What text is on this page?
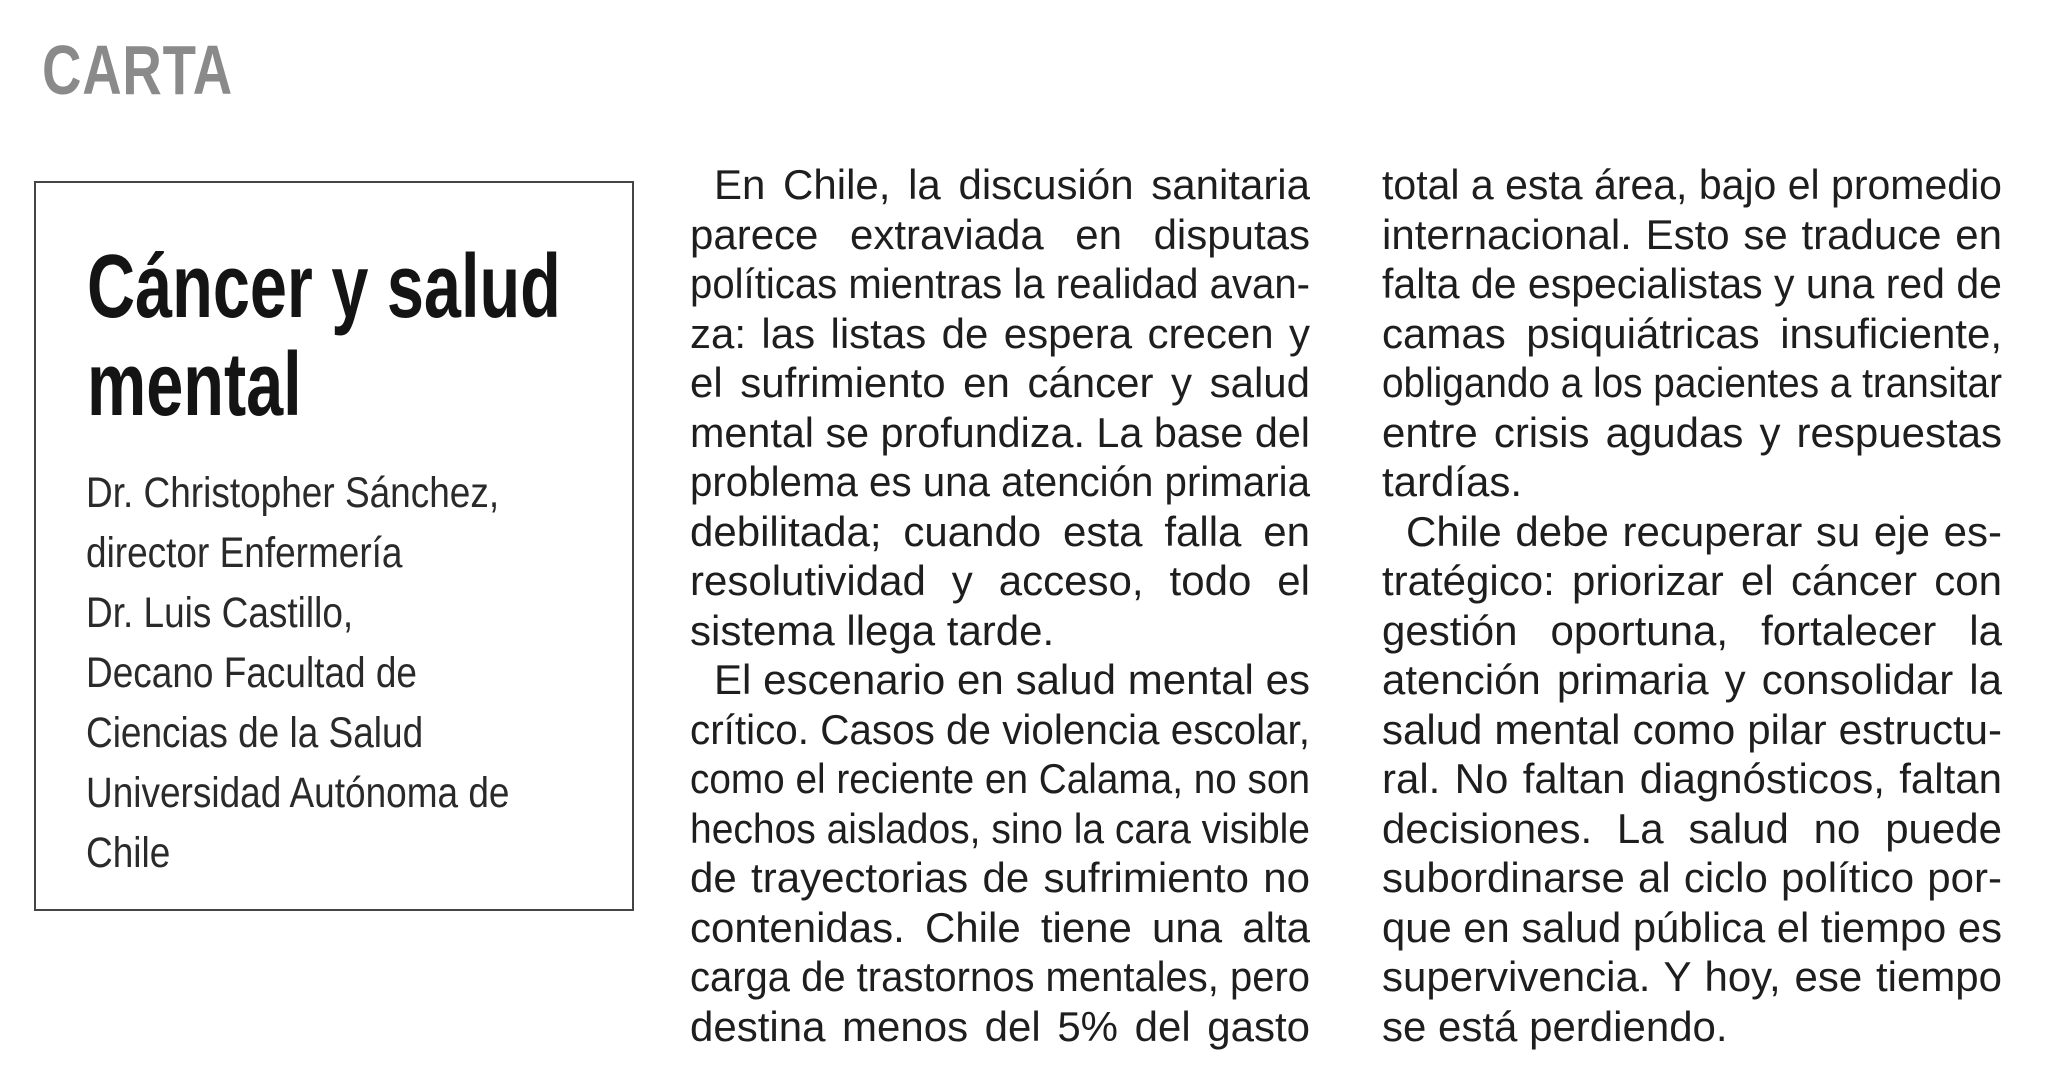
CARTA
Cáncer y salud
mental
Dr. Christopher Sánchez,
director Enfermería
Dr. Luis Castillo,
Decano Facultad de
Ciencias de la Salud
Universidad Autónoma de
Chile
En Chile, la discusión sanitaria
parece extraviada en disputas
políticas mientras la realidad avan-
za: las listas de espera crecen y
el sufrimiento en cáncer y salud
mental se profundiza. La base del
problema es una atención primaria
debilitada; cuando esta falla en
resolutividad y acceso, todo el
sistema llega tarde.
El escenario en salud mental es
crítico. Casos de violencia escolar,
como el reciente en Calama, no son
hechos aislados, sino la cara visible
de trayectorias de sufrimiento no
contenidas. Chile tiene una alta
carga de trastornos mentales, pero
destina menos del 5% del gasto
total a esta área, bajo el promedio
internacional. Esto se traduce en
falta de especialistas y una red de
camas psiquiátricas insuficiente,
obligando a los pacientes a transitar
entre crisis agudas y respuestas
tardías.
Chile debe recuperar su eje es-
tratégico: priorizar el cáncer con
gestión oportuna, fortalecer la
atención primaria y consolidar la
salud mental como pilar estructu-
ral. No faltan diagnósticos, faltan
decisiones. La salud no puede
subordinarse al ciclo político por-
que en salud pública el tiempo es
supervivencia. Y hoy, ese tiempo
se está perdiendo.
